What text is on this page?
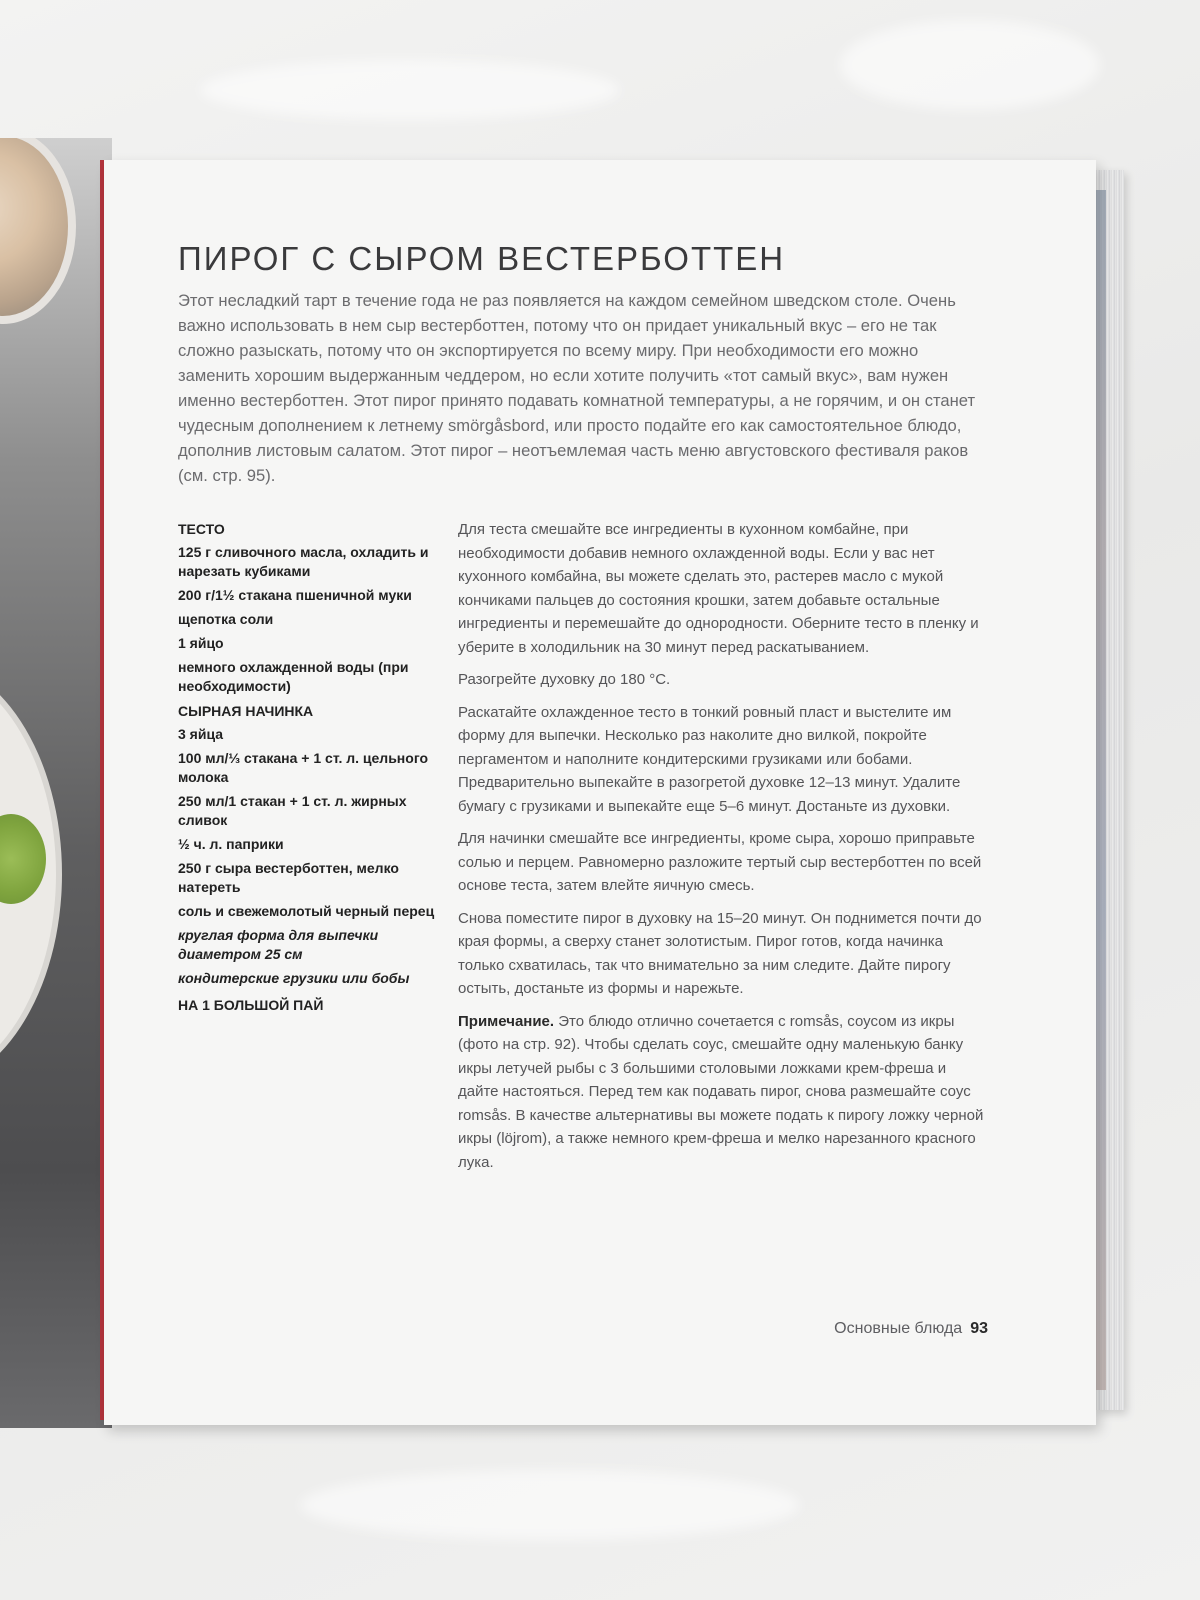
ПИРОГ С СЫРОМ ВЕСТЕРБОТТЕН

Этот несладкий тарт в течение года не раз появляется на каждом семейном шведском столе. Очень важно использовать в нем сыр вестерботтен, потому что он придает уникальный вкус – его не так сложно разыскать, потому что он экспортируется по всему миру. При необходимости его можно заменить хорошим выдержанным чеддером, но если хотите получить «тот самый вкус», вам нужен именно вестерботтен. Этот пирог принято подавать комнатной температуры, а не горячим, и он станет чудесным дополнением к летнему smörgåsbord, или просто подайте его как самостоятельное блюдо, дополнив листовым салатом. Этот пирог – неотъемлемая часть меню августовского фестиваля раков (см. стр. 95).

ТЕСТО
125 г сливочного масла, охладить и нарезать кубиками
200 г/1½ стакана пшеничной муки
щепотка соли
1 яйцо
немного охлажденной воды (при необходимости)
СЫРНАЯ НАЧИНКА
3 яйца
100 мл/⅓ стакана + 1 ст. л. цельного молока
250 мл/1 стакан + 1 ст. л. жирных сливок
½ ч. л. паприки
250 г сыра вестерботтен, мелко натереть
соль и свежемолотый черный перец
круглая форма для выпечки диаметром 25 см
кондитерские грузики или бобы
НА 1 БОЛЬШОЙ ПАЙ

Для теста смешайте все ингредиенты в кухонном комбайне, при необходимости добавив немного охлажденной воды. Если у вас нет кухонного комбайна, вы можете сделать это, растерев масло с мукой кончиками пальцев до состояния крошки, затем добавьте остальные ингредиенты и перемешайте до однородности. Оберните тесто в пленку и уберите в холодильник на 30 минут перед раскатыванием.

Разогрейте духовку до 180 °С.

Раскатайте охлажденное тесто в тонкий ровный пласт и выстелите им форму для выпечки. Несколько раз наколите дно вилкой, покройте пергаментом и наполните кондитерскими грузиками или бобами. Предварительно выпекайте в разогретой духовке 12–13 минут. Удалите бумагу с грузиками и выпекайте еще 5–6 минут. Достаньте из духовки.

Для начинки смешайте все ингредиенты, кроме сыра, хорошо приправьте солью и перцем. Равномерно разложите тертый сыр вестерботтен по всей основе теста, затем влейте яичную смесь.

Снова поместите пирог в духовку на 15–20 минут. Он поднимется почти до края формы, а сверху станет золотистым. Пирог готов, когда начинка только схватилась, так что внимательно за ним следите. Дайте пирогу остыть, достаньте из формы и нарежьте.

Примечание. Это блюдо отлично сочетается с romsås, соусом из икры (фото на стр. 92). Чтобы сделать соус, смешайте одну маленькую банку икры летучей рыбы с 3 большими столовыми ложками крем-фреша и дайте настояться. Перед тем как подавать пирог, снова размешайте соус romsås. В качестве альтернативы вы можете подать к пирогу ложку черной икры (löjrom), а также немного крем-фреша и мелко нарезанного красного лука.

Основные блюда 93
